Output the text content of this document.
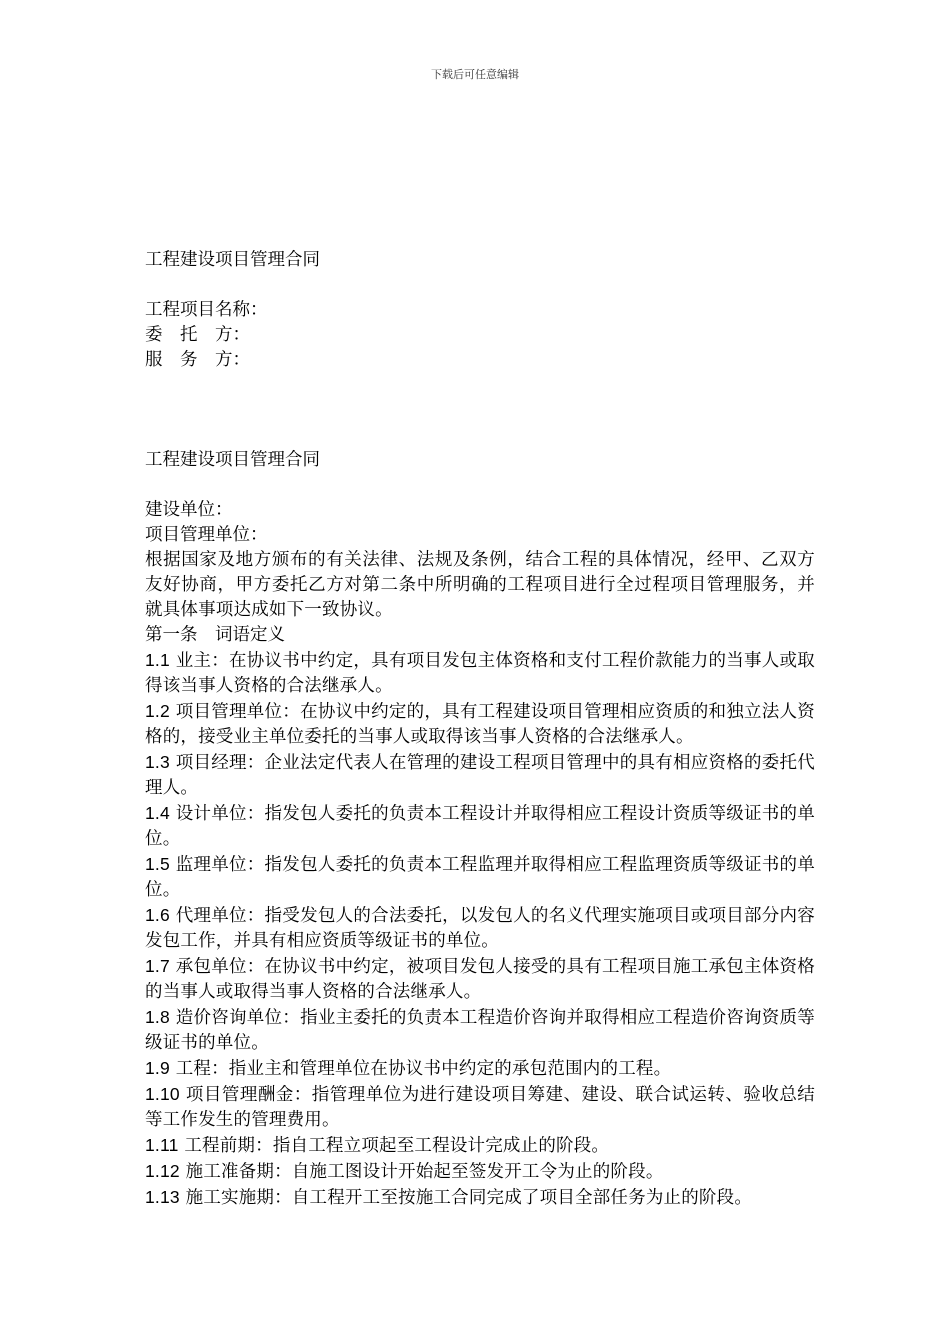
下载后可任意编辑

工程建设项目管理合同

工程项目名称：

委　托　方：

服　务　方：

工程建设项目管理合同

建设单位：

项目管理单位：

根据国家及地方颁布的有关法律、法规及条例，结合工程的具体情况，经甲、乙双方友好协商，甲方委托乙方对第二条中所明确的工程项目进行全过程项目管理服务，并就具体事项达成如下一致协议。

第一条　词语定义

1.1 业主：在协议书中约定，具有项目发包主体资格和支付工程价款能力的当事人或取得该当事人资格的合法继承人。

1.2 项目管理单位：在协议中约定的，具有工程建设项目管理相应资质的和独立法人资格的，接受业主单位委托的当事人或取得该当事人资格的合法继承人。

1.3 项目经理：企业法定代表人在管理的建设工程项目管理中的具有相应资格的委托代理人。

1.4 设计单位：指发包人委托的负责本工程设计并取得相应工程设计资质等级证书的单位。

1.5 监理单位：指发包人委托的负责本工程监理并取得相应工程监理资质等级证书的单位。

1.6 代理单位：指受发包人的合法委托，以发包人的名义代理实施项目或项目部分内容发包工作，并具有相应资质等级证书的单位。

1.7 承包单位：在协议书中约定，被项目发包人接受的具有工程项目施工承包主体资格的当事人或取得当事人资格的合法继承人。

1.8 造价咨询单位：指业主委托的负责本工程造价咨询并取得相应工程造价咨询资质等级证书的单位。

1.9 工程：指业主和管理单位在协议书中约定的承包范围内的工程。

1.10 项目管理酬金：指管理单位为进行建设项目筹建、建设、联合试运转、验收总结等工作发生的管理费用。

1.11 工程前期：指自工程立项起至工程设计完成止的阶段。

1.12 施工准备期：自施工图设计开始起至签发开工令为止的阶段。

1.13 施工实施期：自工程开工至按施工合同完成了项目全部任务为止的阶段。
